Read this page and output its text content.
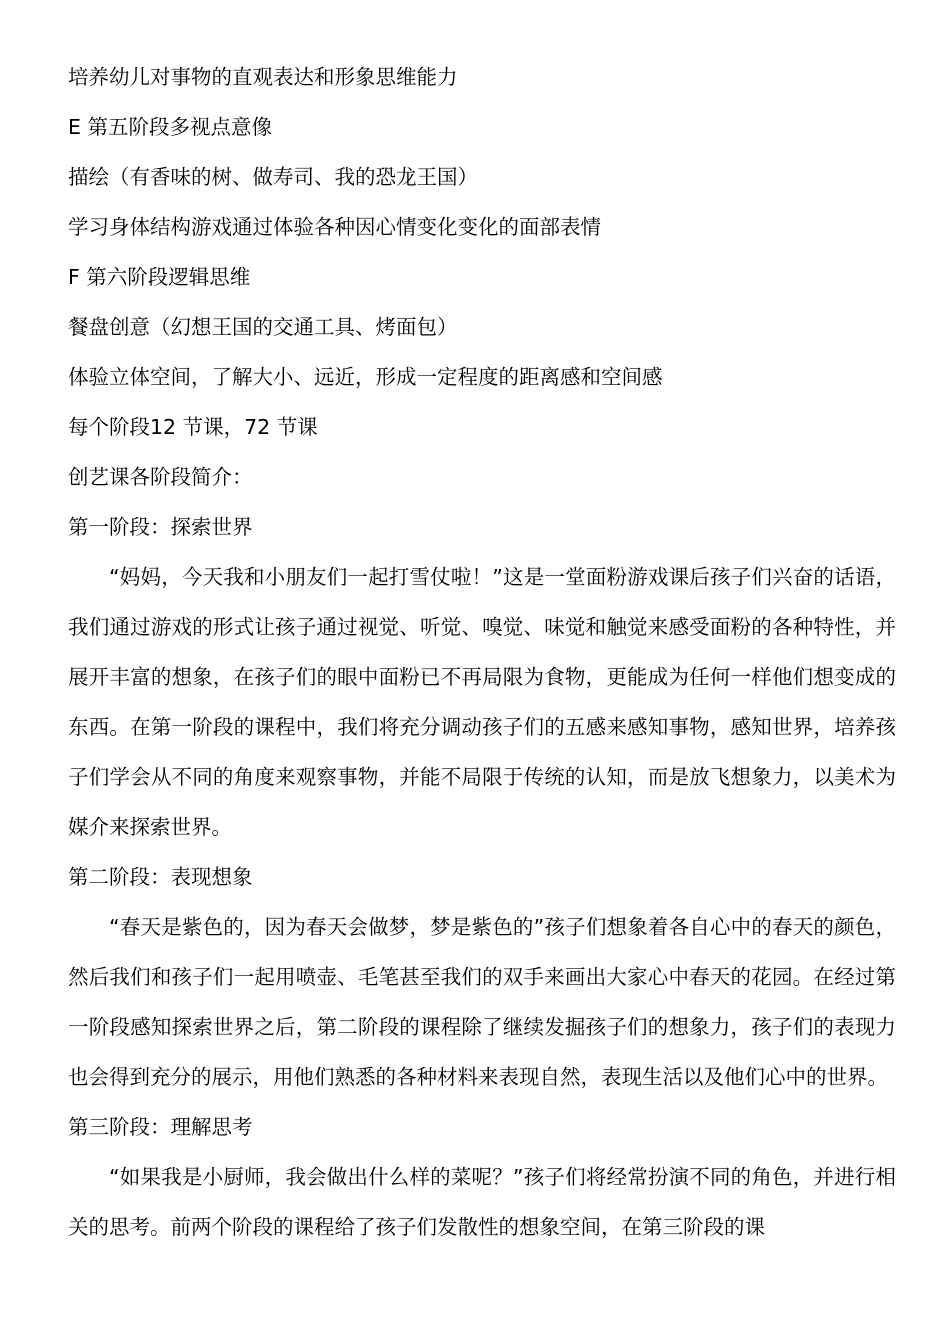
培养幼儿对事物的直观表达和形象思维能力
E 第五阶段多视点意像
描绘（有香味的树、做寿司、我的恐龙王国）
学习身体结构游戏通过体验各种因心情变化变化的面部表情
F 第六阶段逻辑思维
餐盘创意（幻想王国的交通工具、烤面包）
体验立体空间，了解大小、远近，形成一定程度的距离感和空间感
每个阶段12 节课，72 节课
创艺课各阶段简介：
第一阶段：探索世界

“妈妈，今天我和小朋友们一起打雪仗啦！”这是一堂面粉游戏课后孩子们兴奋的话语，我们通过游戏的形式让孩子通过视觉、听觉、嗅觉、味觉和触觉来感受面粉的各种特性，并展开丰富的想象，在孩子们的眼中面粉已不再局限为食物，更能成为任何一样他们想变成的东西。在第一阶段的课程中，我们将充分调动孩子们的五感来感知事物，感知世界，培养孩子们学会从不同的角度来观察事物，并能不局限于传统的认知，而是放飞想象力，以美术为媒介来探索世界。

第二阶段：表现想象

“春天是紫色的，因为春天会做梦，梦是紫色的”孩子们想象着各自心中的春天的颜色，然后我们和孩子们一起用喷壶、毛笔甚至我们的双手来画出大家心中春天的花园。在经过第一阶段感知探索世界之后，第二阶段的课程除了继续发掘孩子们的想象力，孩子们的表现力也会得到充分的展示，用他们熟悉的各种材料来表现自然，表现生活以及他们心中的世界。

第三阶段：理解思考

“如果我是小厨师，我会做出什么样的菜呢？”孩子们将经常扮演不同的角色，并进行相关的思考。前两个阶段的课程给了孩子们发散性的想象空间，在第三阶段的课
